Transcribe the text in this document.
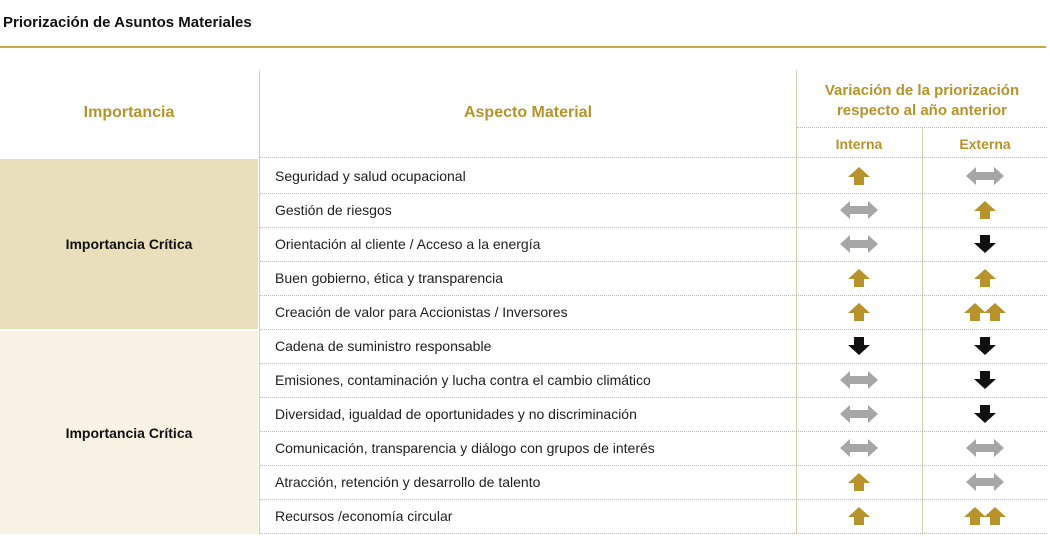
Priorización de Asuntos Materiales
Importancia	Aspecto Material
Variación de la priorización
respecto al año anterior
Interna	Externa
Importancia Crítica
Importancia Crítica
Seguridad y salud ocupacional
Gestión de riesgos
Orientación al cliente / Acceso a la energía
Buen gobierno, ética y transparencia
Creación de valor para Accionistas / Inversores
Cadena de suministro responsable
Emisiones, contaminación y lucha contra el cambio climático
Diversidad, igualdad de oportunidades y no discriminación
Comunicación, transparencia y diálogo con grupos de interés
Atracción, retención y desarrollo de talento
Recursos /economía circular
